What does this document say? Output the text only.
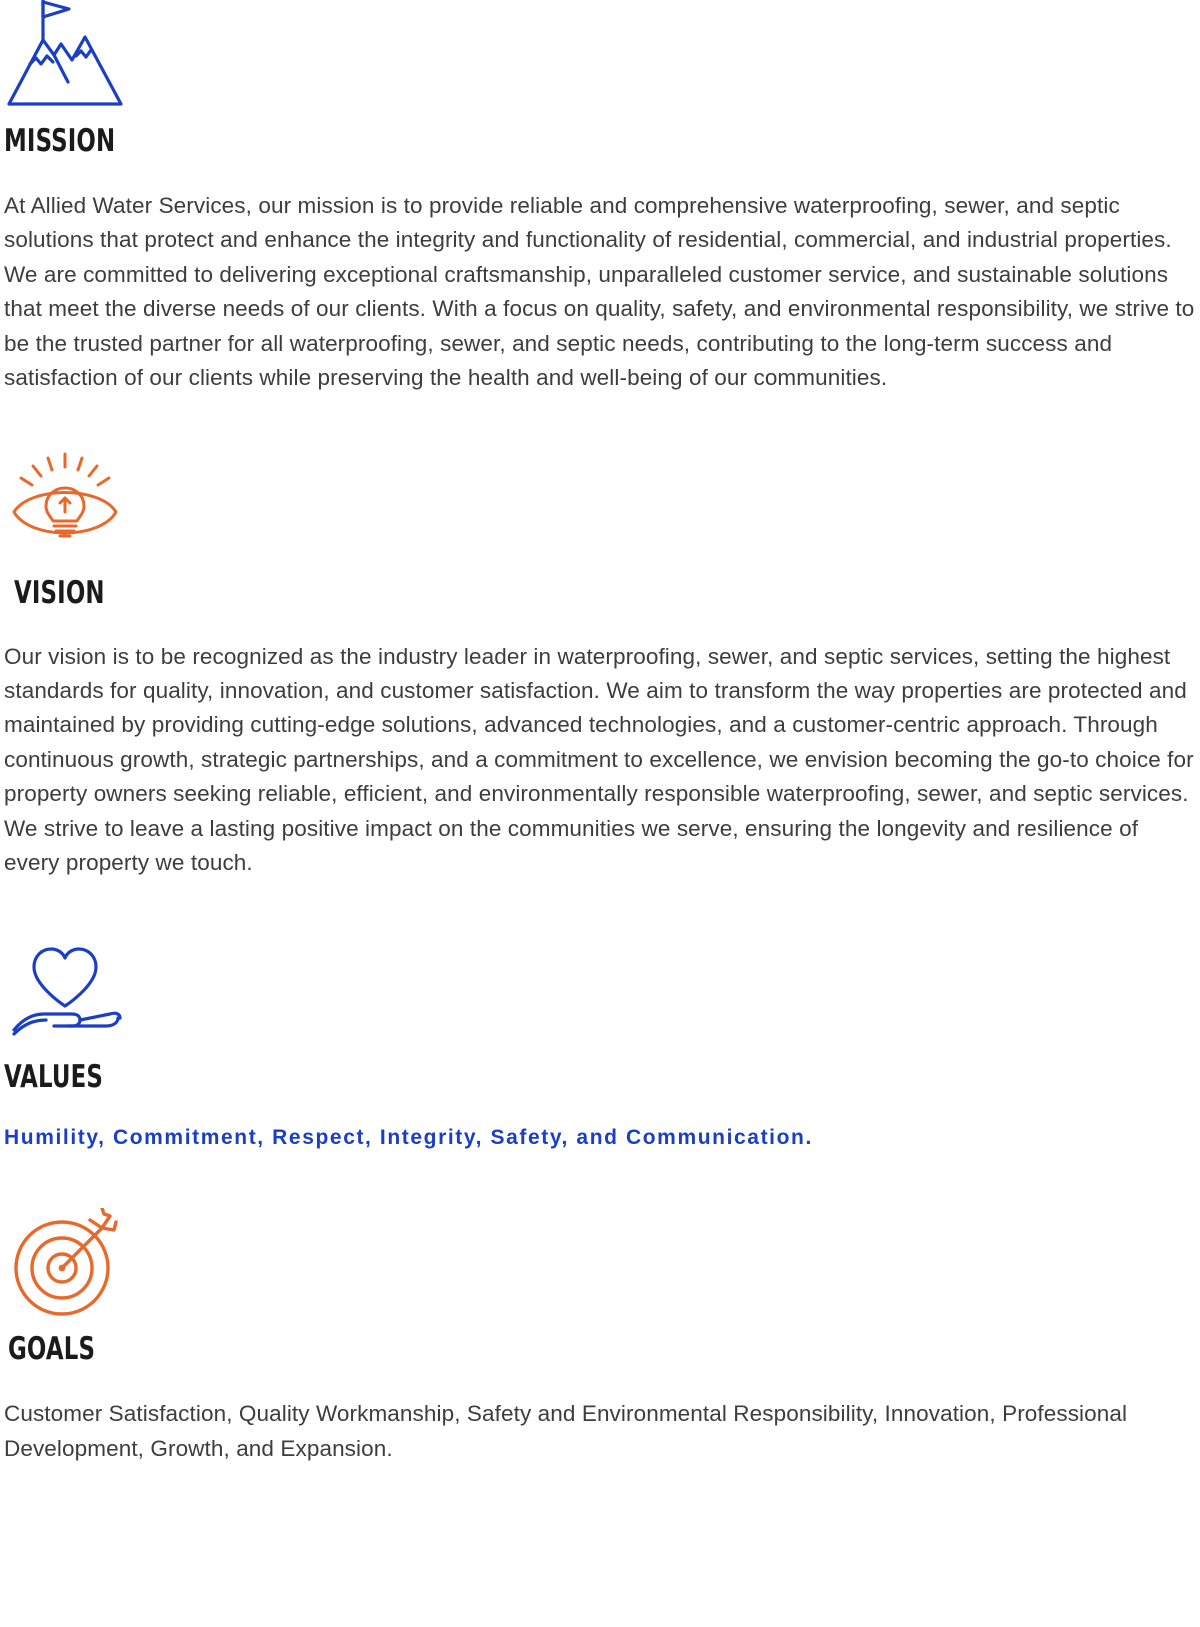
MISSION

At Allied Water Services, our mission is to provide reliable and comprehensive waterproofing, sewer, and septic solutions that protect and enhance the integrity and functionality of residential, commercial, and industrial properties. We are committed to delivering exceptional craftsmanship, unparalleled customer service, and sustainable solutions that meet the diverse needs of our clients. With a focus on quality, safety, and environmental responsibility, we strive to be the trusted partner for all waterproofing, sewer, and septic needs, contributing to the long-term success and satisfaction of our clients while preserving the health and well-being of our communities.

VISION

Our vision is to be recognized as the industry leader in waterproofing, sewer, and septic services, setting the highest standards for quality, innovation, and customer satisfaction. We aim to transform the way properties are protected and maintained by providing cutting-edge solutions, advanced technologies, and a customer-centric approach. Through continuous growth, strategic partnerships, and a commitment to excellence, we envision becoming the go-to choice for property owners seeking reliable, efficient, and environmentally responsible waterproofing, sewer, and septic services. We strive to leave a lasting positive impact on the communities we serve, ensuring the longevity and resilience of every property we touch.

VALUES

Humility, Commitment, Respect, Integrity, Safety, and Communication.

GOALS

Customer Satisfaction, Quality Workmanship, Safety and Environmental Responsibility, Innovation, Professional Development, Growth, and Expansion.
